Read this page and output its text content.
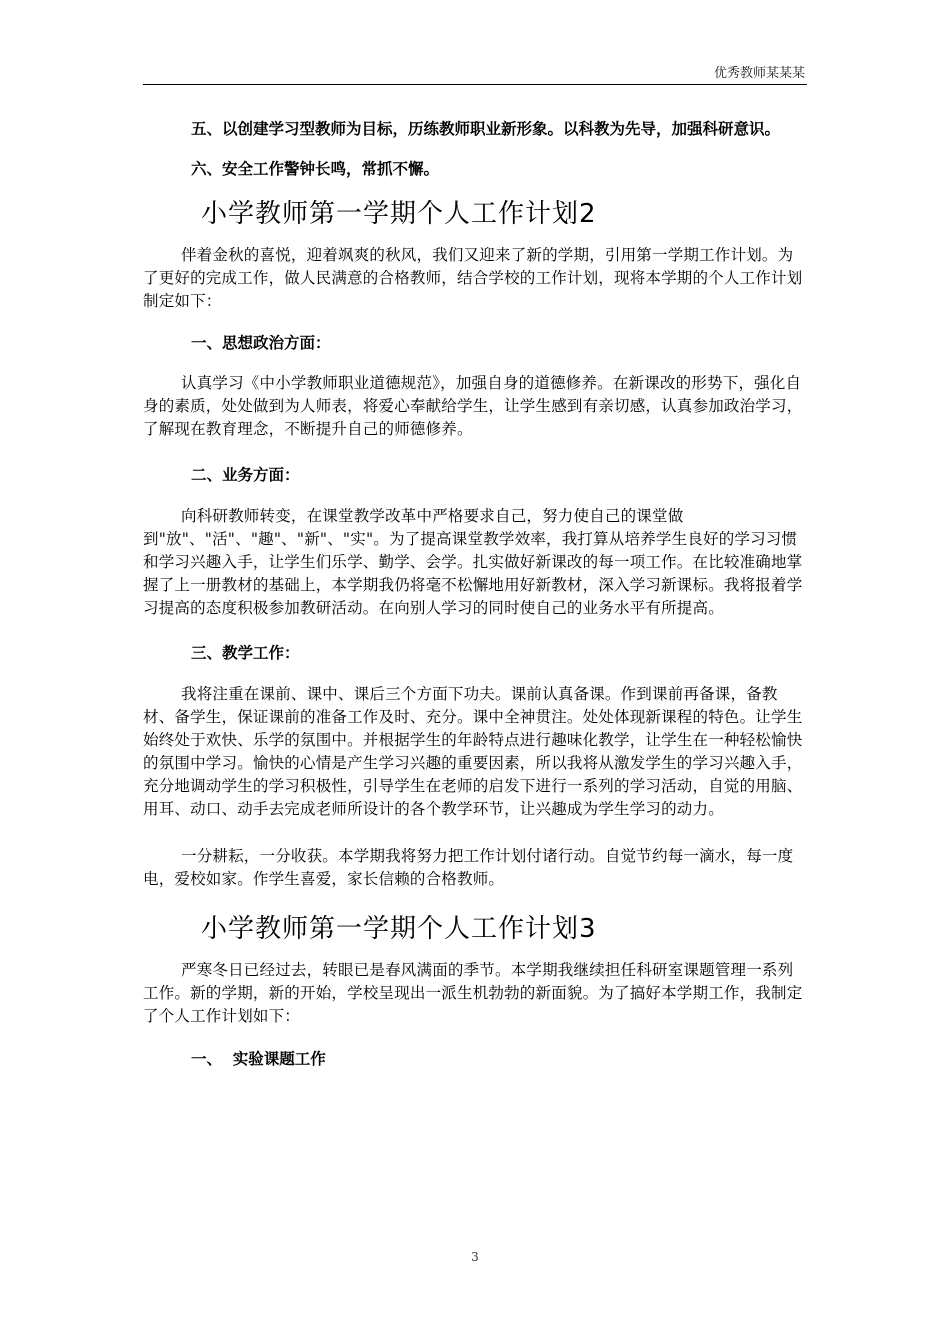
优秀教师某某某

五、以创建学习型教师为目标，历练教师职业新形象。以科教为先导，加强科研意识。

六、安全工作警钟长鸣，常抓不懈。

小学教师第一学期个人工作计划2

伴着金秋的喜悦，迎着飒爽的秋风，我们又迎来了新的学期，引用第一学期工作计划。为了更好的完成工作，做人民满意的合格教师，结合学校的工作计划，现将本学期的个人工作计划制定如下：

一、思想政治方面：

认真学习《中小学教师职业道德规范》，加强自身的道德修养。在新课改的形势下，强化自身的素质，处处做到为人师表，将爱心奉献给学生，让学生感到有亲切感，认真参加政治学习，了解现在教育理念，不断提升自己的师德修养。

二、业务方面：

向科研教师转变，在课堂教学改革中严格要求自己，努力使自己的课堂做到"放"、"活"、"趣"、"新"、"实"。为了提高课堂教学效率，我打算从培养学生良好的学习习惯和学习兴趣入手，让学生们乐学、勤学、会学。扎实做好新课改的每一项工作。在比较准确地掌握了上一册教材的基础上，本学期我仍将毫不松懈地用好新教材，深入学习新课标。我将报着学习提高的态度积极参加教研活动。在向别人学习的同时使自己的业务水平有所提高。

三、教学工作：

我将注重在课前、课中、课后三个方面下功夫。课前认真备课。作到课前再备课，备教材、备学生，保证课前的准备工作及时、充分。课中全神贯注。处处体现新课程的特色。让学生始终处于欢快、乐学的氛围中。并根据学生的年龄特点进行趣味化教学，让学生在一种轻松愉快的氛围中学习。愉快的心情是产生学习兴趣的重要因素，所以我将从激发学生的学习兴趣入手，充分地调动学生的学习积极性，引导学生在老师的启发下进行一系列的学习活动，自觉的用脑、用耳、动口、动手去完成老师所设计的各个教学环节，让兴趣成为学生学习的动力。

一分耕耘，一分收获。本学期我将努力把工作计划付诸行动。自觉节约每一滴水，每一度电，爱校如家。作学生喜爱，家长信赖的合格教师。

小学教师第一学期个人工作计划3

严寒冬日已经过去，转眼已是春风满面的季节。本学期我继续担任科研室课题管理一系列工作。新的学期，新的开始，学校呈现出一派生机勃勃的新面貌。为了搞好本学期工作，我制定了个人工作计划如下：

一、  实验课题工作

3
